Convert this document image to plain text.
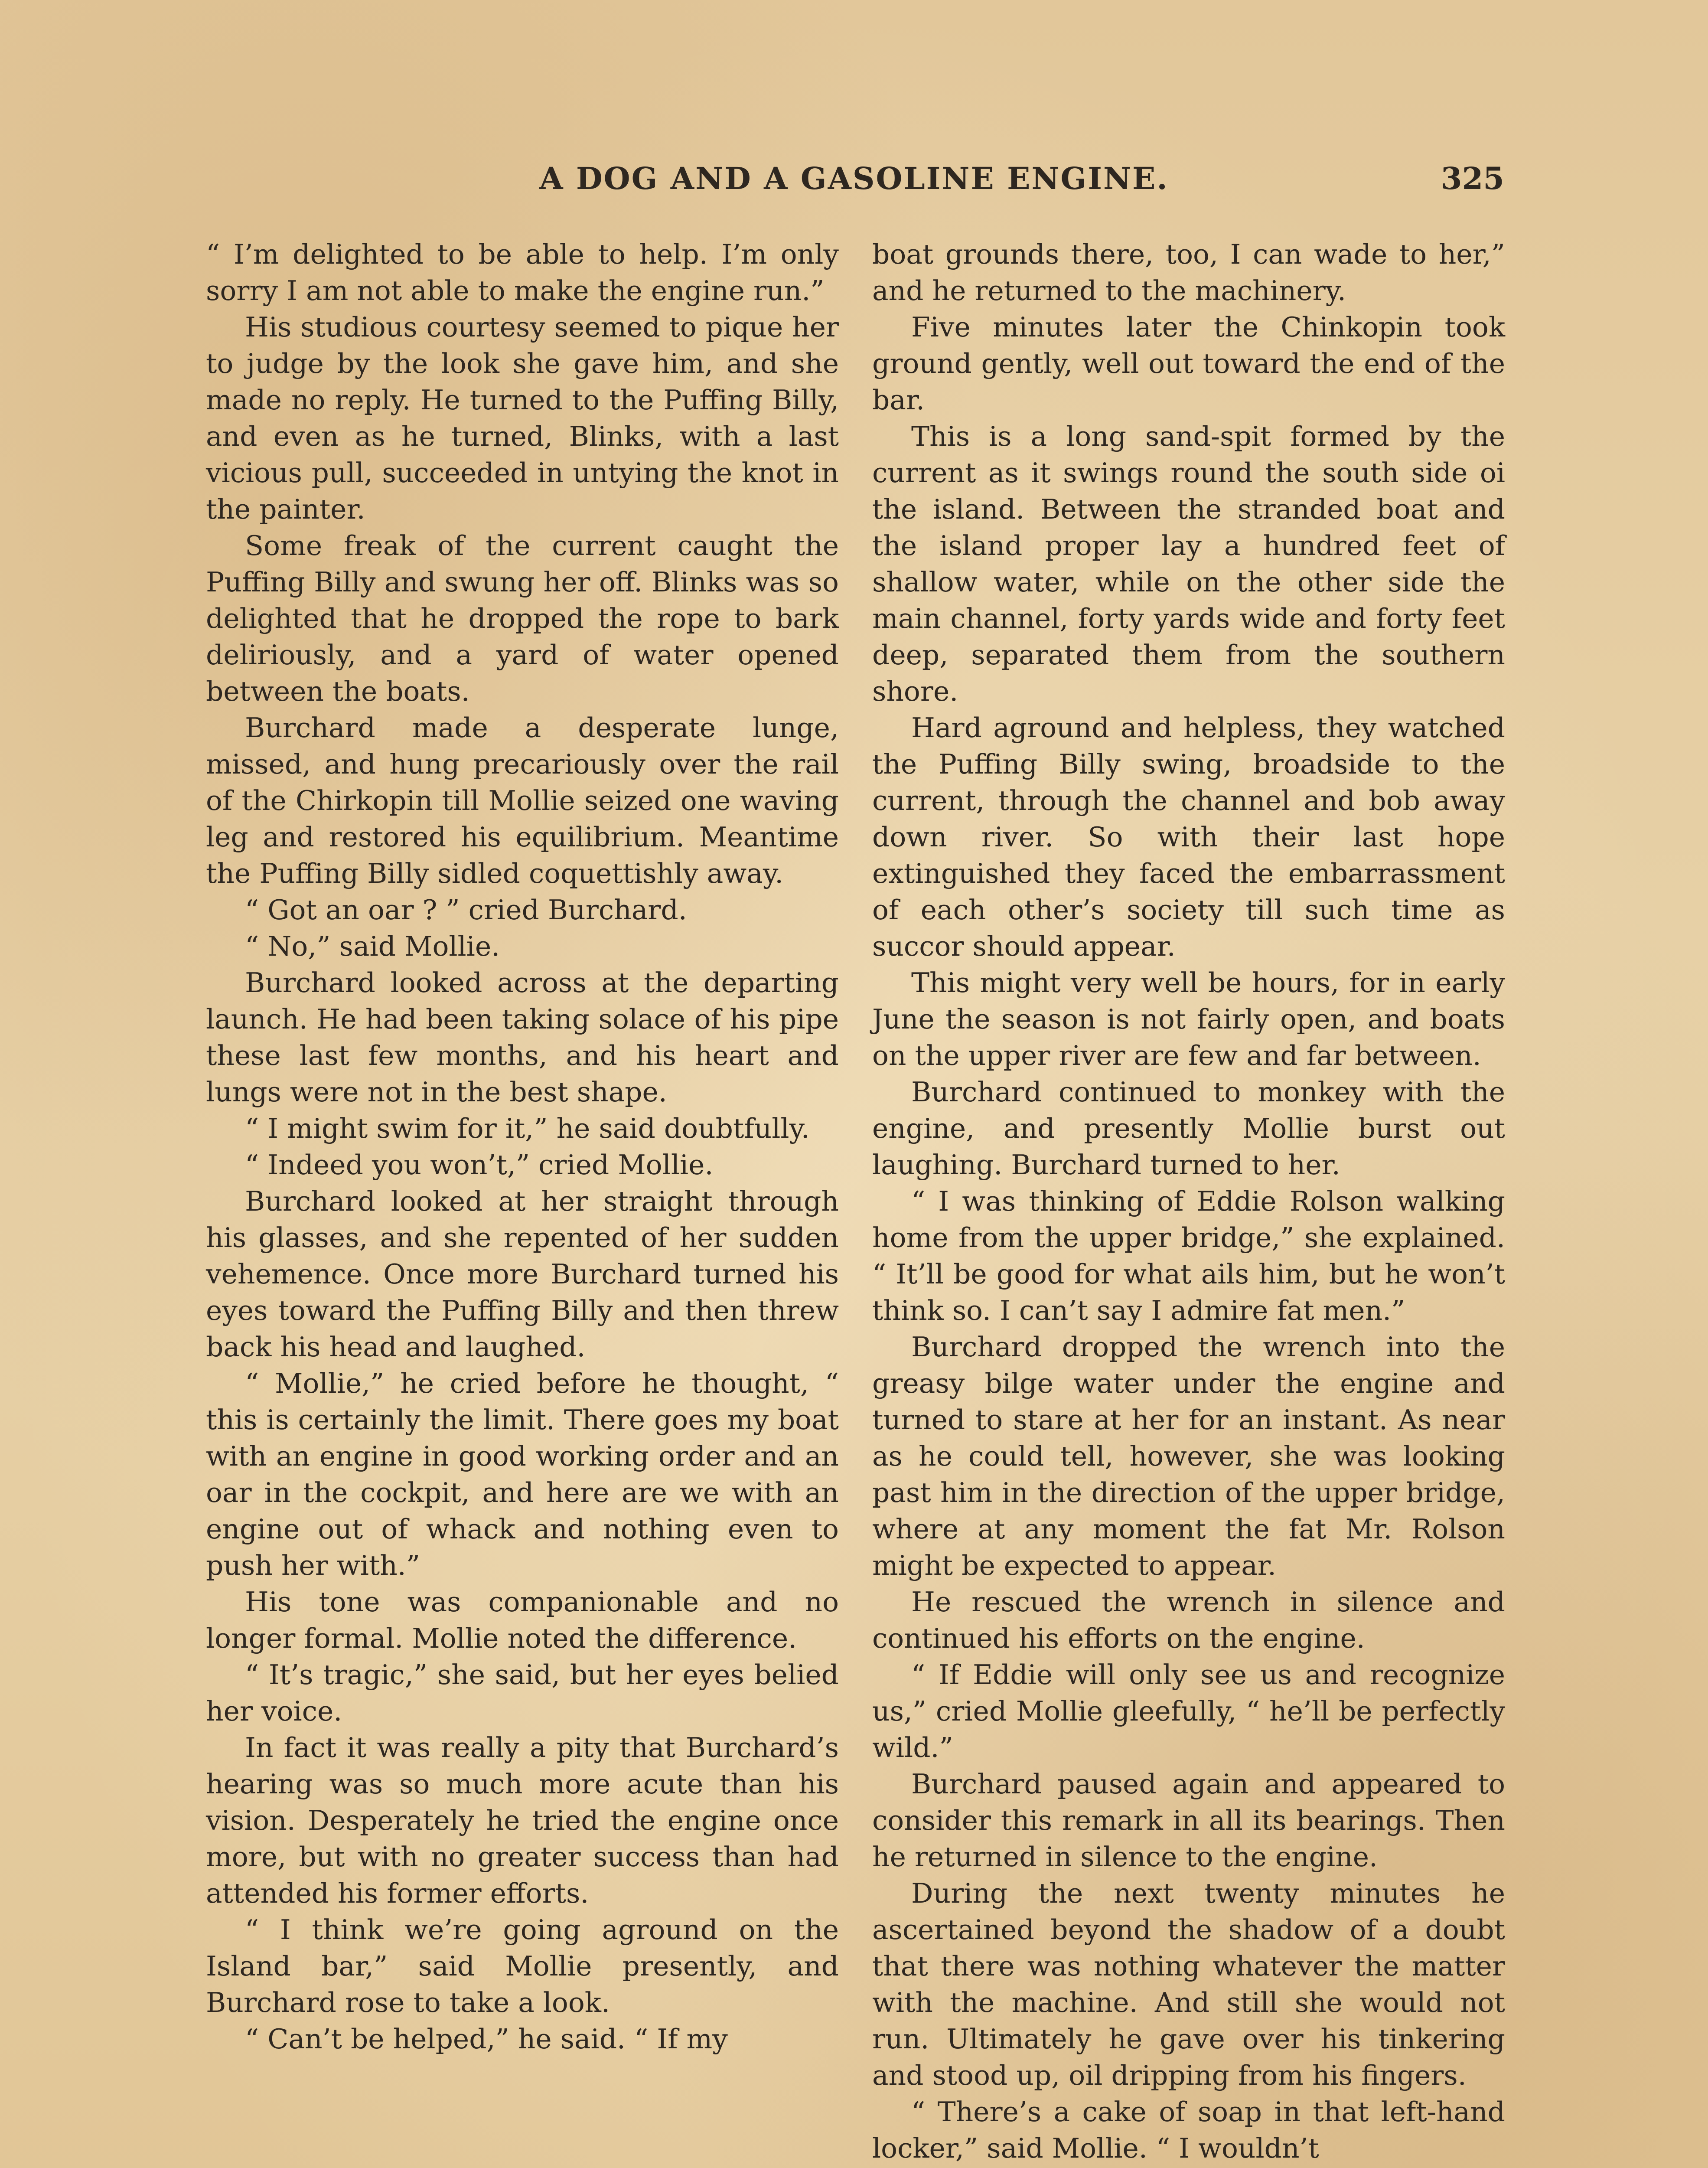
A DOG AND A GASOLINE ENGINE.	325

“ I’m delighted to be able to help. I’m only sorry I am not able to make the engine run.”

His studious courtesy seemed to pique her to judge by the look she gave him, and she made no reply. He turned to the Puffing Billy, and even as he turned, Blinks, with a last vicious pull, succeeded in untying the knot in the painter.

Some freak of the current caught the Puffing Billy and swung her off. Blinks was so delighted that he dropped the rope to bark deliriously, and a yard of water opened between the boats.

Burchard made a desperate lunge, missed, and hung precariously over the rail of the Chirkopin till Mollie seized one waving leg and restored his equilibrium. Meantime the Puffing Billy sidled coquettishly away.

“ Got an oar ? ” cried Burchard.

“ No,” said Mollie.

Burchard looked across at the departing launch. He had been taking solace of his pipe these last few months, and his heart and lungs were not in the best shape.

“ I might swim for it,” he said doubtfully.

“ Indeed you won’t,” cried Mollie.

Burchard looked at her straight through his glasses, and she repented of her sudden vehemence. Once more Burchard turned his eyes toward the Puffing Billy and then threw back his head and laughed.

“ Mollie,” he cried before he thought, “ this is certainly the limit. There goes my boat with an engine in good working order and an oar in the cockpit, and here are we with an engine out of whack and nothing even to push her with.”

His tone was companionable and no longer formal. Mollie noted the difference.

“ It’s tragic,” she said, but her eyes belied her voice.

In fact it was really a pity that Burchard’s hearing was so much more acute than his vision. Desperately he tried the engine once more, but with no greater success than had attended his former efforts.

“ I think we’re going aground on the Island bar,” said Mollie presently, and Burchard rose to take a look.

“ Can’t be helped,” he said. “ If my

boat grounds there, too, I can wade to her,” and he returned to the machinery.

Five minutes later the Chinkopin took ground gently, well out toward the end of the bar.

This is a long sand-spit formed by the current as it swings round the south side oi the island. Between the stranded boat and the island proper lay a hundred feet of shallow water, while on the other side the main channel, forty yards wide and forty feet deep, separated them from the southern shore.

Hard aground and helpless, they watched the Puffing Billy swing, broadside to the current, through the channel and bob away down river. So with their last hope extinguished they faced the embarrassment of each other’s society till such time as succor should appear.

This might very well be hours, for in early June the season is not fairly open, and boats on the upper river are few and far between.

Burchard continued to monkey with the engine, and presently Mollie burst out laughing. Burchard turned to her.

“ I was thinking of Eddie Rolson walking home from the upper bridge,” she explained. “ It’ll be good for what ails him, but he won’t think so. I can’t say I admire fat men.”

Burchard dropped the wrench into the greasy bilge water under the engine and turned to stare at her for an instant. As near as he could tell, however, she was looking past him in the direction of the upper bridge, where at any moment the fat Mr. Rolson might be expected to appear.

He rescued the wrench in silence and continued his efforts on the engine.

“ If Eddie will only see us and recognize us,” cried Mollie gleefully, “ he’ll be perfectly wild.”

Burchard paused again and appeared to consider this remark in all its bearings. Then he returned in silence to the engine.

During the next twenty minutes he ascertained beyond the shadow of a doubt that there was nothing whatever the matter with the machine. And still she would not run. Ultimately he gave over his tinkering and stood up, oil dripping from his fingers.

“ There’s a cake of soap in that left-hand locker,” said Mollie. “ I wouldn’t
